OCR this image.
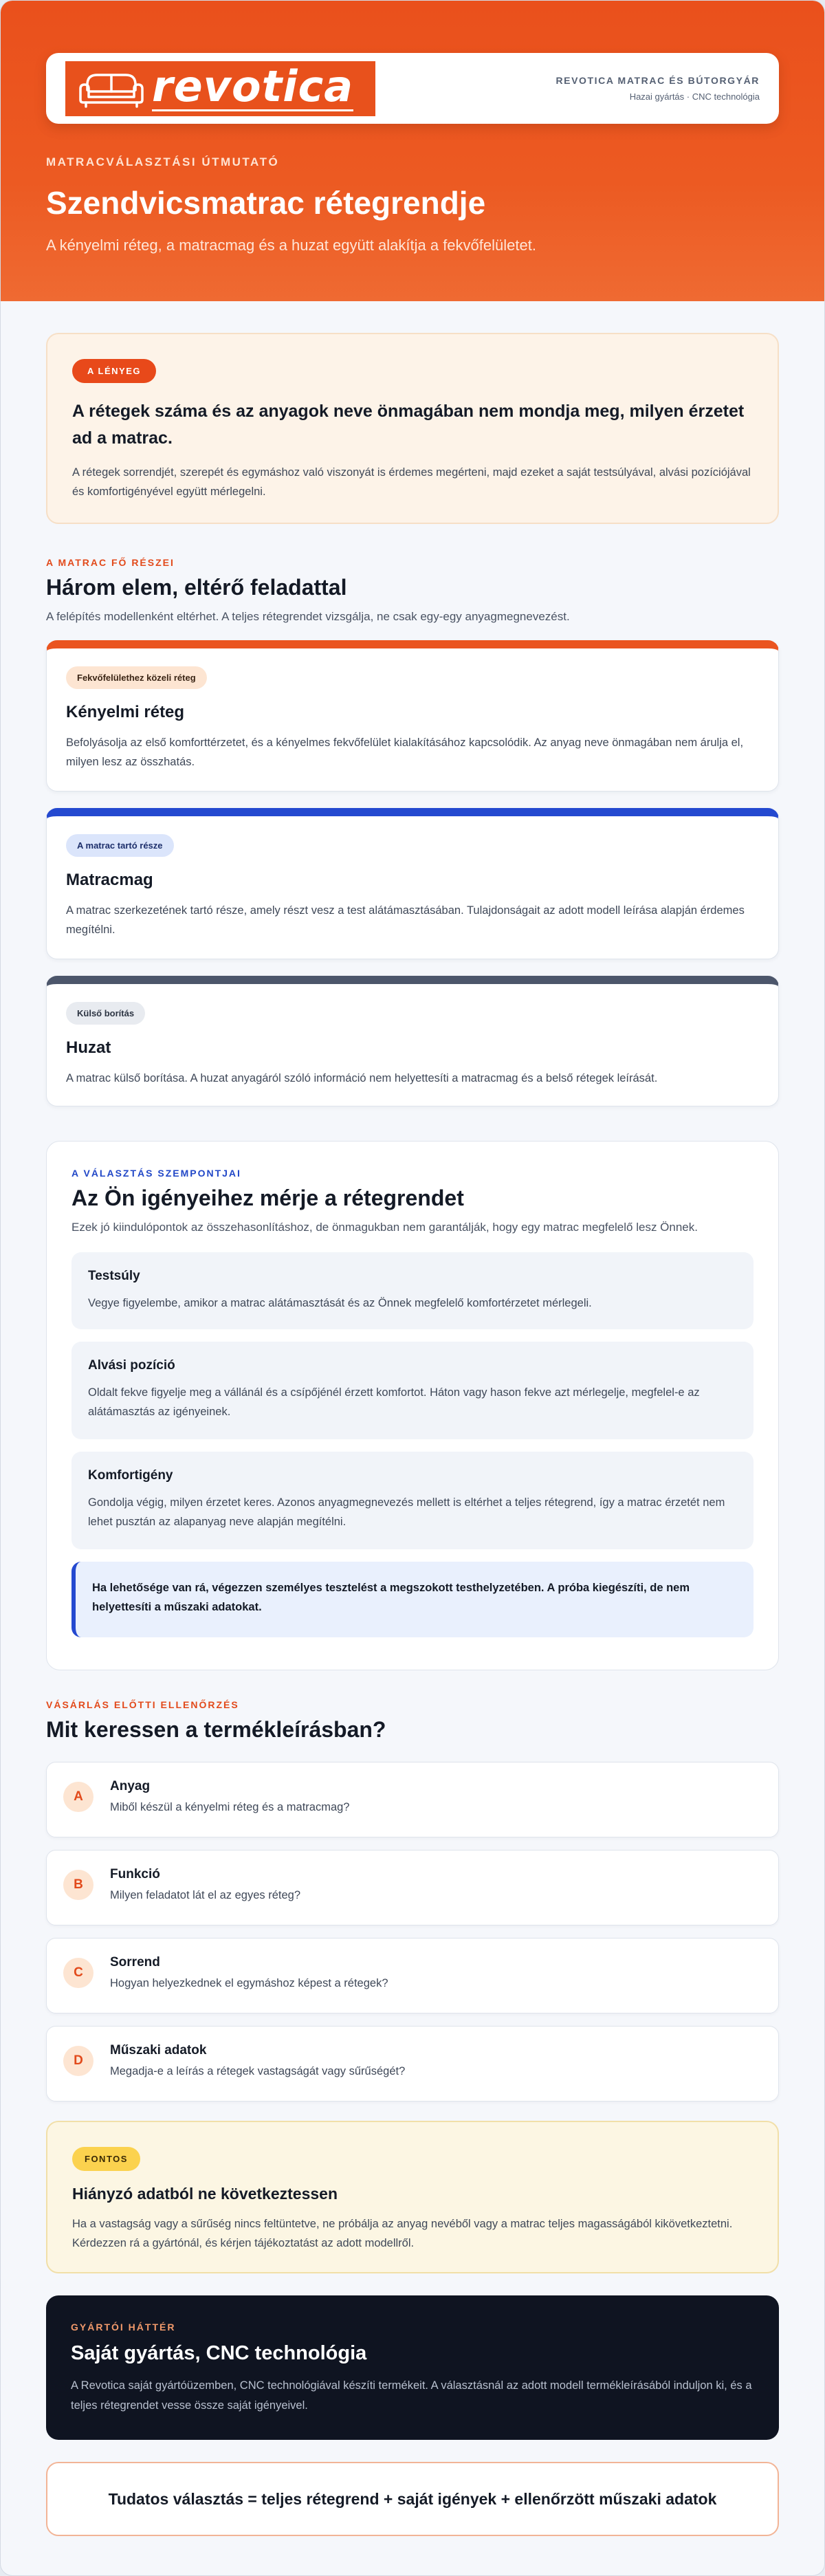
revotica	REVOTICA MATRAC ÉS BÚTORGYÁR
Hazai gyártás · CNC technológia
MATRACVÁLASZTÁSI ÚTMUTATÓ
Szendvicsmatrac rétegrendje

A kényelmi réteg, a matracmag és a huzat együtt alakítja a fekvőfelületet.

A LÉNYEG
A rétegek száma és az anyagok neve önmagában nem mondja meg, milyen érzetet ad a matrac.

A rétegek sorrendjét, szerepét és egymáshoz való viszonyát is érdemes megérteni, majd ezeket a saját testsúlyával, alvási pozíciójával és komfortigényével együtt mérlegelni.

A MATRAC FŐ RÉSZEI
Három elem, eltérő feladattal

A felépítés modellenként eltérhet. A teljes rétegrendet vizsgálja, ne csak egy-egy anyagmegnevezést.

Fekvőfelülethez közeli réteg
Kényelmi réteg

Befolyásolja az első komforttérzetet, és a kényelmes fekvőfelület kialakításához kapcsolódik. Az anyag neve önmagában nem árulja el, milyen lesz az összhatás.

A matrac tartó része
Matracmag

A matrac szerkezetének tartó része, amely részt vesz a test alátámasztásában. Tulajdonságait az adott modell leírása alapján érdemes megítélni.

Külső borítás
Huzat

A matrac külső borítása. A huzat anyagáról szóló információ nem helyettesíti a matracmag és a belső rétegek leírását.

A VÁLASZTÁS SZEMPONTJAI
Az Ön igényeihez mérje a rétegrendet

Ezek jó kiindulópontok az összehasonlításhoz, de önmagukban nem garantálják, hogy egy matrac megfelelő lesz Önnek.

Testsúly
Vegye figyelembe, amikor a matrac alátámasztását és az Önnek megfelelő komfortérzetet mérlegeli.
Alvási pozíció
Oldalt fekve figyelje meg a vállánál és a csípőjénél érzett komfortot. Háton vagy hason fekve azt mérlegelje, megfelel-e az alátámasztás az igényeinek.
Komfortigény
Gondolja végig, milyen érzetet keres. Azonos anyagmegnevezés mellett is eltérhet a teljes rétegrend, így a matrac érzetét nem lehet pusztán az alapanyag neve alapján megítélni.
Ha lehetősége van rá, végezzen személyes tesztelést a megszokott testhelyzetében. A próba kiegészíti, de nem helyettesíti a műszaki adatokat.
VÁSÁRLÁS ELŐTTI ELLENŐRZÉS
Mit keressen a termékleírásban?
A
Anyag
Miből készül a kényelmi réteg és a matracmag?
B
Funkció
Milyen feladatot lát el az egyes réteg?
C
Sorrend
Hogyan helyezkednek el egymáshoz képest a rétegek?
D
Műszaki adatok
Megadja-e a leírás a rétegek vastagságát vagy sűrűségét?
FONTOS
Hiányzó adatból ne következtessen

Ha a vastagság vagy a sűrűség nincs feltüntetve, ne próbálja az anyag nevéből vagy a matrac teljes magasságából kikövetkeztetni. Kérdezzen rá a gyártónál, és kérjen tájékoztatást az adott modellről.

GYÁRTÓI HÁTTÉR
Saját gyártás, CNC technológia

A Revotica saját gyártóüzemben, CNC technológiával készíti termékeit. A választásnál az adott modell termékleírásából induljon ki, és a teljes rétegrendet vesse össze saját igényeivel.

Tudatos választás = teljes rétegrend + saját igények + ellenőrzött műszaki adatok
